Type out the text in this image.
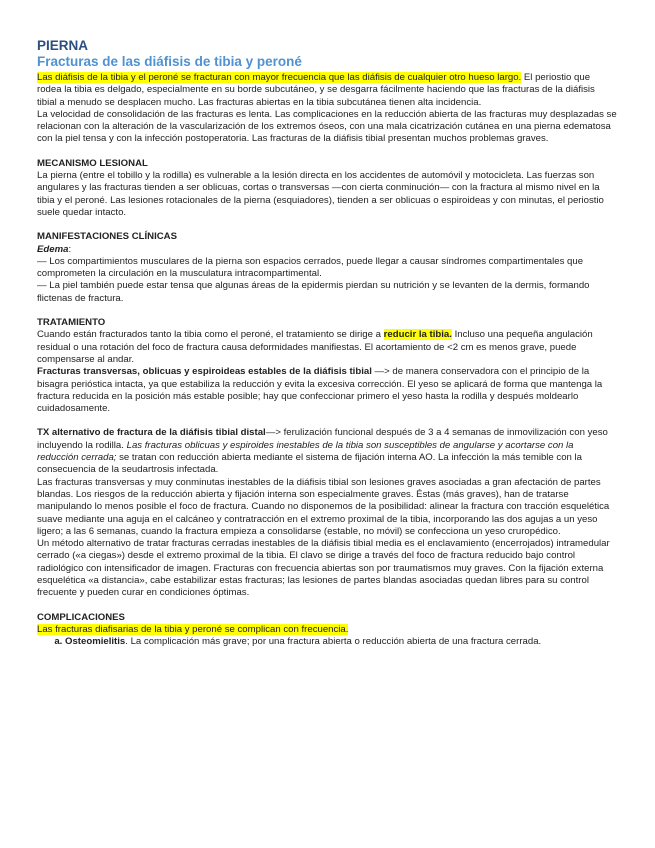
PIERNA
Fracturas de las diáfisis de tibia y peroné

Las diáfisis de la tibia y el peroné se fracturan con mayor frecuencia que las diáfisis de cualquier otro hueso largo. El periostio que rodea la tibia es delgado, especialmente en su borde subcutáneo, y se desgarra fácilmente haciendo que las fracturas de la diáfisis tibial a menudo se desplacen mucho. Las fracturas abiertas en la tibia subcutánea tienen alta incidencia.

La velocidad de consolidación de las fracturas es lenta. Las complicaciones en la reducción abierta de las fracturas muy desplazadas se relacionan con la alteración de la vascularización de los extremos óseos, con una mala cicatrización cutánea en una pierna edematosa con la piel tensa y con la infección postoperatoria. Las fracturas de la diáfisis tibial presentan muchos problemas graves.

MECANISMO LESIONAL

La pierna (entre el tobillo y la rodilla) es vulnerable a la lesión directa en los accidentes de automóvil y motocicleta. Las fuerzas son angulares y las fracturas tienden a ser oblicuas, cortas o transversas —con cierta conminución— con la fractura al mismo nivel en la tibia y el peroné. Las lesiones rotacionales de la pierna (esquiadores), tienden a ser oblicuas o espiroideas y con minutas, el periostio suele quedar intacto.

MANIFESTACIONES CLÍNICAS

Edema:

— Los compartimientos musculares de la pierna son espacios cerrados, puede llegar a causar síndromes compartimentales que comprometen la circulación en la musculatura intracompartimental.

— La piel también puede estar tensa que algunas áreas de la epidermis pierdan su nutrición y se levanten de la dermis, formando flictenas de fractura.

TRATAMIENTO

Cuando están fracturados tanto la tibia como el peroné, el tratamiento se dirige a reducir la tibia. Incluso una pequeña angulación residual o una rotación del foco de fractura causa deformidades manifiestas. El acortamiento de <2 cm es menos grave, puede compensarse al andar.

Fracturas transversas, oblicuas y espiroideas estables de la diáfisis tibial —> de manera conservadora con el principio de la bisagra perióstica intacta, ya que estabiliza la reducción y evita la excesiva corrección. El yeso se aplicará de forma que mantenga la fractura reducida en la posición más estable posible; hay que confeccionar primero el yeso hasta la rodilla y después moldearlo cuidadosamente.

TX alternativo de fractura de la diáfisis tibial distal—> ferulización funcional después de 3 a 4 semanas de inmovilización con yeso incluyendo la rodilla. Las fracturas oblicuas y espiroides inestables de la tibia son susceptibles de angularse y acortarse con la reducción cerrada; se tratan con reducción abierta mediante el sistema de fijación interna AO. La infección la más temible con la consecuencia de la seudartrosis infectada.

Las fracturas transversas y muy conminutas inestables de la diáfisis tibial son lesiones graves asociadas a gran afectación de partes blandas. Los riesgos de la reducción abierta y fijación interna son especialmente graves. Éstas (más graves), han de tratarse manipulando lo menos posible el foco de fractura. Cuando no disponemos de la posibilidad: alinear la fractura con tracción esquelética suave mediante una aguja en el calcáneo y contratracción en el extremo proximal de la tibia, incorporando las dos agujas a un yeso ligero; a las 6 semanas, cuando la fractura empieza a consolidarse (estable, no móvil) se confecciona un yeso cruropédico.

Un método alternativo de tratar fracturas cerradas inestables de la diáfisis tibial media es el enclavamiento (encerrojados) intramedular cerrado («a ciegas») desde el extremo proximal de la tibia. El clavo se dirige a través del foco de fractura reducido bajo control radiológico con intensificador de imagen. Fracturas con frecuencia abiertas son por traumatismos muy graves. Con la fijación externa esquelética «a distancia», cabe estabilizar estas fracturas; las lesiones de partes blandas asociadas quedan libres para su control frecuente y pueden curar en condiciones óptimas.

COMPLICACIONES

Las fracturas diafisarias de la tibia y peroné se complican con frecuencia.

a. Osteomielitis. La complicación más grave; por una fractura abierta o reducción abierta de una fractura cerrada.
